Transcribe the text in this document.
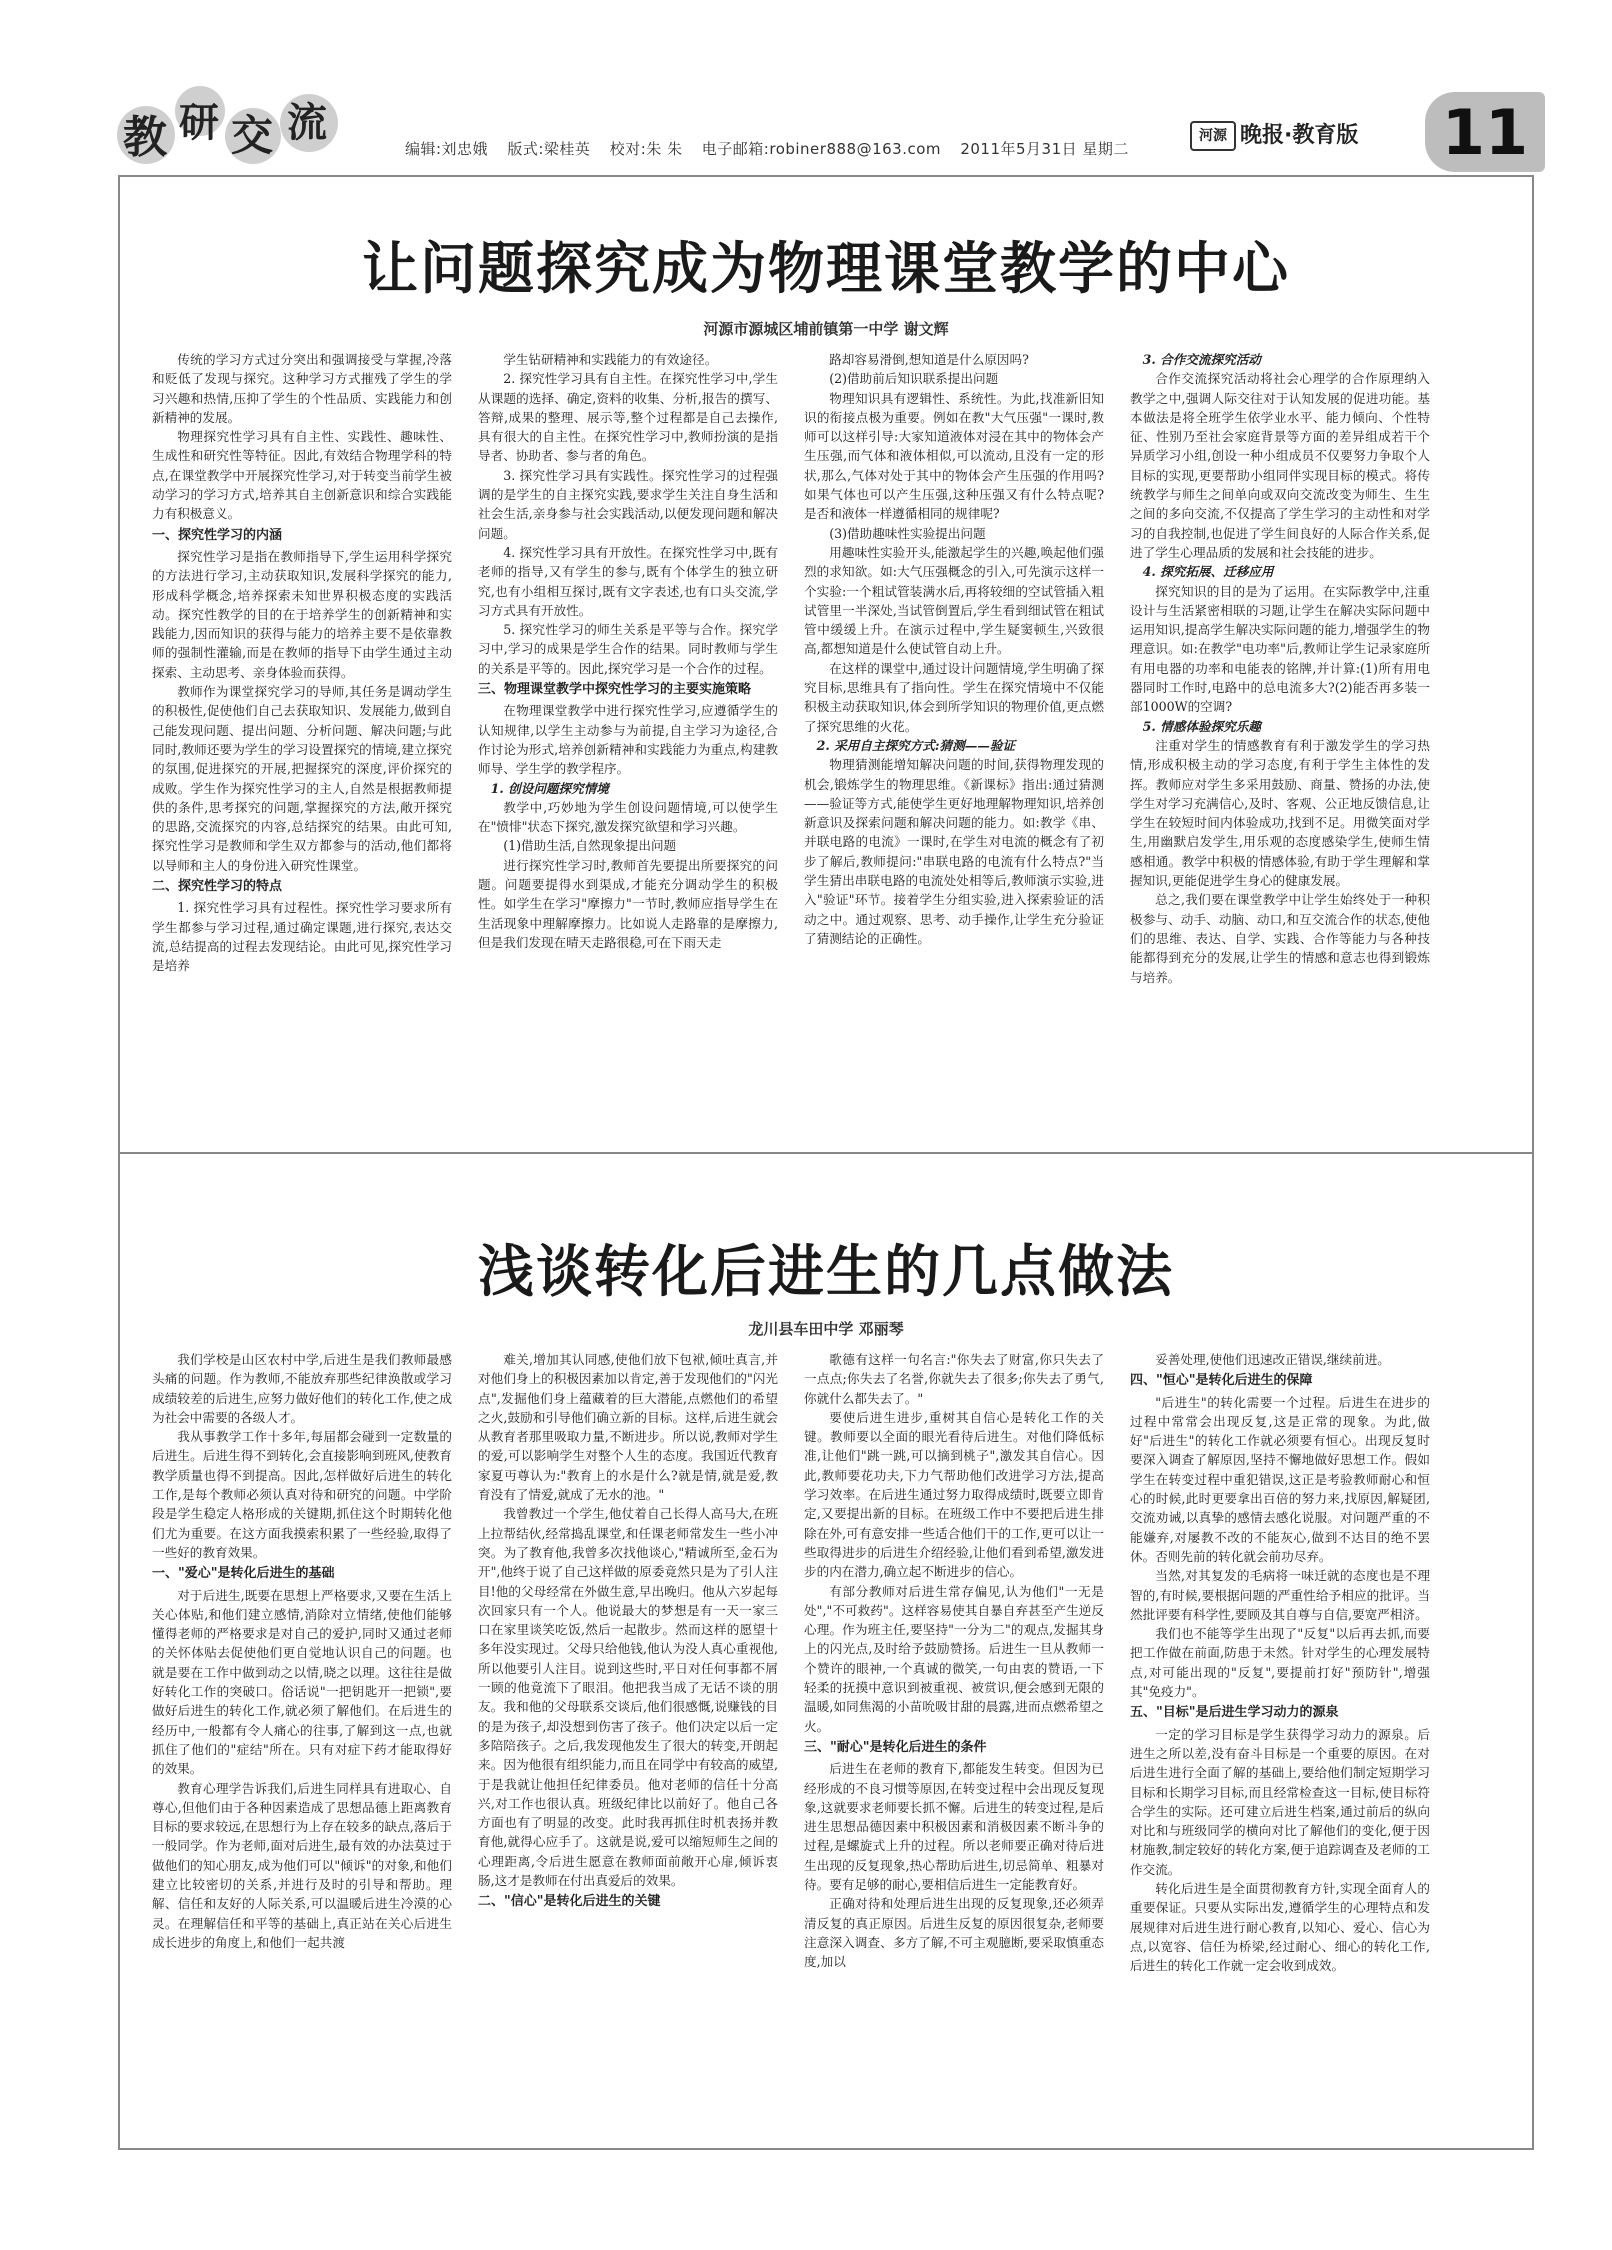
教 研 交 流
编辑:刘忠娥 版式:梁桂英 校对:朱 朱 电子邮箱:robiner888@163.com 2011年5月31日 星期二
河源 晚报·教育版 11
让问题探究成为物理课堂教学的中心
河源市源城区埔前镇第一中学 谢文辉

传统的学习方式过分突出和强调接受与掌握,冷落和贬低了发现与探究。这种学习方式摧残了学生的学习兴趣和热情,压抑了学生的个性品质、实践能力和创新精神的发展。

物理探究性学习具有自主性、实践性、趣味性、生成性和研究性等特征。因此,有效结合物理学科的特点,在课堂教学中开展探究性学习,对于转变当前学生被动学习的学习方式,培养其自主创新意识和综合实践能力有积极意义。

一、探究性学习的内涵

探究性学习是指在教师指导下,学生运用科学探究的方法进行学习,主动获取知识,发展科学探究的能力,形成科学概念,培养探索未知世界积极态度的实践活动。探究性教学的目的在于培养学生的创新精神和实践能力,因而知识的获得与能力的培养主要不是依靠教师的强制性灌输,而是在教师的指导下由学生通过主动探索、主动思考、亲身体验而获得。

教师作为课堂探究学习的导师,其任务是调动学生的积极性,促使他们自己去获取知识、发展能力,做到自己能发现问题、提出问题、分析问题、解决问题;与此同时,教师还要为学生的学习设置探究的情境,建立探究的氛围,促进探究的开展,把握探究的深度,评价探究的成败。学生作为探究性学习的主人,自然是根据教师提供的条件,思考探究的问题,掌握探究的方法,敞开探究的思路,交流探究的内容,总结探究的结果。由此可知,探究性学习是教师和学生双方都参与的活动,他们都将以导师和主人的身份进入研究性课堂。

二、探究性学习的特点

1. 探究性学习具有过程性。探究性学习要求所有学生都参与学习过程,通过确定课题,进行探究,表达交流,总结提高的过程去发现结论。由此可见,探究性学习是培养

学生钻研精神和实践能力的有效途径。

2. 探究性学习具有自主性。在探究性学习中,学生从课题的选择、确定,资料的收集、分析,报告的撰写、答辩,成果的整理、展示等,整个过程都是自己去操作,具有很大的自主性。在探究性学习中,教师扮演的是指导者、协助者、参与者的角色。

3. 探究性学习具有实践性。探究性学习的过程强调的是学生的自主探究实践,要求学生关注自身生活和社会生活,亲身参与社会实践活动,以便发现问题和解决问题。

4. 探究性学习具有开放性。在探究性学习中,既有老师的指导,又有学生的参与,既有个体学生的独立研究,也有小组相互探讨,既有文字表述,也有口头交流,学习方式具有开放性。

5. 探究性学习的师生关系是平等与合作。探究学习中,学习的成果是学生合作的结果。同时教师与学生的关系是平等的。因此,探究学习是一个合作的过程。

三、物理课堂教学中探究性学习的主要实施策略

在物理课堂教学中进行探究性学习,应遵循学生的认知规律,以学生主动参与为前提,自主学习为途径,合作讨论为形式,培养创新精神和实践能力为重点,构建教师导、学生学的教学程序。

1. 创设问题探究情境

教学中,巧妙地为学生创设问题情境,可以使学生在"愤悱"状态下探究,激发探究欲望和学习兴趣。

(1)借助生活,自然现象提出问题

进行探究性学习时,教师首先要提出所要探究的问题。问题要提得水到渠成,才能充分调动学生的积极性。如学生在学习"摩擦力"一节时,教师应指导学生在生活现象中理解摩擦力。比如说人走路靠的是摩擦力,但是我们发现在晴天走路很稳,可在下雨天走

路却容易滑倒,想知道是什么原因吗?

(2)借助前后知识联系提出问题

物理知识具有逻辑性、系统性。为此,找准新旧知识的衔接点极为重要。例如在教"大气压强"一课时,教师可以这样引导:大家知道液体对浸在其中的物体会产生压强,而气体和液体相似,可以流动,且没有一定的形状,那么,气体对处于其中的物体会产生压强的作用吗?如果气体也可以产生压强,这种压强又有什么特点呢?是否和液体一样遵循相同的规律呢?

(3)借助趣味性实验提出问题

用趣味性实验开头,能激起学生的兴趣,唤起他们强烈的求知欲。如:大气压强概念的引入,可先演示这样一个实验:一个粗试管装满水后,再将较细的空试管插入粗试管里一半深处,当试管倒置后,学生看到细试管在粗试管中缓缓上升。在演示过程中,学生疑窦顿生,兴致很高,都想知道是什么使试管自动上升。

在这样的课堂中,通过设计问题情境,学生明确了探究目标,思维具有了指向性。学生在探究情境中不仅能积极主动获取知识,体会到所学知识的物理价值,更点燃了探究思维的火花。

2. 采用自主探究方式:猜测——验证

物理猜测能增知解决问题的时间,获得物理发现的机会,锻炼学生的物理思维。《新课标》指出:通过猜测——验证等方式,能使学生更好地理解物理知识,培养创新意识及探索问题和解决问题的能力。如:教学《串、并联电路的电流》一课时,在学生对电流的概念有了初步了解后,教师提问:"串联电路的电流有什么特点?"当学生猜出串联电路的电流处处相等后,教师演示实验,进入"验证"环节。接着学生分组实验,进入探索验证的活动之中。通过观察、思考、动手操作,让学生充分验证了猜测结论的正确性。

3. 合作交流探究活动

合作交流探究活动将社会心理学的合作原理纳入教学之中,强调人际交往对于认知发展的促进功能。基本做法是将全班学生依学业水平、能力倾向、个性特征、性别乃至社会家庭背景等方面的差异组成若干个异质学习小组,创设一种小组成员不仅要努力争取个人目标的实现,更要帮助小组同伴实现目标的模式。将传统教学与师生之间单向或双向交流改变为师生、生生之间的多向交流,不仅提高了学生学习的主动性和对学习的自我控制,也促进了学生间良好的人际合作关系,促进了学生心理品质的发展和社会技能的进步。

4. 探究拓展、迁移应用

探究知识的目的是为了运用。在实际教学中,注重设计与生活紧密相联的习题,让学生在解决实际问题中运用知识,提高学生解决实际问题的能力,增强学生的物理意识。如:在教学"电功率"后,教师让学生记录家庭所有用电器的功率和电能表的铭牌,并计算:(1)所有用电器同时工作时,电路中的总电流多大?(2)能否再多装一部1000W的空调?

5. 情感体验探究乐趣

注重对学生的情感教育有利于激发学生的学习热情,形成积极主动的学习态度,有利于学生主体性的发挥。教师应对学生多采用鼓励、商量、赞扬的办法,使学生对学习充满信心,及时、客观、公正地反馈信息,让学生在较短时间内体验成功,找到不足。用微笑面对学生,用幽默启发学生,用乐观的态度感染学生,使师生情感相通。教学中积极的情感体验,有助于学生理解和掌握知识,更能促进学生身心的健康发展。

总之,我们要在课堂教学中让学生始终处于一种积极参与、动手、动脑、动口,和互交流合作的状态,使他们的思维、表达、自学、实践、合作等能力与各种技能都得到充分的发展,让学生的情感和意志也得到锻炼与培养。

浅谈转化后进生的几点做法
龙川县车田中学 邓丽琴

我们学校是山区农村中学,后进生是我们教师最感头痛的问题。作为教师,不能放弃那些纪律涣散或学习成绩较差的后进生,应努力做好他们的转化工作,使之成为社会中需要的各级人才。

我从事教学工作十多年,每届都会碰到一定数量的后进生。后进生得不到转化,会直接影响到班风,使教育教学质量也得不到提高。因此,怎样做好后进生的转化工作,是每个教师必须认真对待和研究的问题。中学阶段是学生稳定人格形成的关键期,抓住这个时期转化他们尤为重要。在这方面我摸索积累了一些经验,取得了一些好的教育效果。

一、"爱心"是转化后进生的基础

对于后进生,既要在思想上严格要求,又要在生活上关心体贴,和他们建立感情,消除对立情绪,使他们能够懂得老师的严格要求是对自己的爱护,同时又通过老师的关怀体贴去促使他们更自觉地认识自己的问题。也就是要在工作中做到动之以情,晓之以理。这往往是做好转化工作的突破口。俗话说"一把钥匙开一把锁",要做好后进生的转化工作,就必须了解他们。在后进生的经历中,一般都有令人痛心的往事,了解到这一点,也就抓住了他们的"症结"所在。只有对症下药才能取得好的效果。

教育心理学告诉我们,后进生同样具有进取心、自尊心,但他们由于各种因素造成了思想品德上距离教育目标的要求较远,在思想行为上存在较多的缺点,落后于一般同学。作为老师,面对后进生,最有效的办法莫过于做他们的知心朋友,成为他们可以"倾诉"的对象,和他们建立比较密切的关系,并进行及时的引导和帮助。理解、信任和友好的人际关系,可以温暖后进生冷漠的心灵。在理解信任和平等的基础上,真正站在关心后进生成长进步的角度上,和他们一起共渡

难关,增加其认同感,使他们放下包袱,倾吐真言,并对他们身上的积极因素加以肯定,善于发现他们的"闪光点",发掘他们身上蕴藏着的巨大潜能,点燃他们的希望之火,鼓励和引导他们确立新的目标。这样,后进生就会从教育者那里吸取力量,不断进步。所以说,教师对学生的爱,可以影响学生对整个人生的态度。我国近代教育家夏丏尊认为:"教育上的水是什么?就是情,就是爱,教育没有了情爱,就成了无水的池。"

我曾教过一个学生,他仗着自己长得人高马大,在班上拉帮结伙,经常捣乱课堂,和任课老师常发生一些小冲突。为了教育他,我曾多次找他谈心,"精诚所至,金石为开",他终于说了自己这样做的原委竟然只是为了引人注目!他的父母经常在外做生意,早出晚归。他从六岁起每次回家只有一个人。他说最大的梦想是有一天一家三口在家里谈笑吃饭,然后一起散步。然而这样的愿望十多年没实现过。父母只给他钱,他认为没人真心重视他,所以他要引人注目。说到这些时,平日对任何事都不屑一顾的他竟流下了眼泪。他把我当成了无话不谈的朋友。我和他的父母联系交谈后,他们很感慨,说赚钱的目的是为孩子,却没想到伤害了孩子。他们决定以后一定多陪陪孩子。之后,我发现他发生了很大的转变,开朗起来。因为他很有组织能力,而且在同学中有较高的威望,于是我就让他担任纪律委员。他对老师的信任十分高兴,对工作也很认真。班级纪律比以前好了。他自己各方面也有了明显的改变。此时我再抓住时机表扬并教育他,就得心应手了。这就是说,爱可以缩短师生之间的心理距离,令后进生愿意在教师面前敞开心扉,倾诉衷肠,这才是教师在付出真爱后的效果。

二、"信心"是转化后进生的关键

歌德有这样一句名言:"你失去了财富,你只失去了一点点;你失去了名誉,你就失去了很多;你失去了勇气,你就什么都失去了。"

要使后进生进步,重树其自信心是转化工作的关键。教师要以全面的眼光看待后进生。对他们降低标准,让他们"跳一跳,可以摘到桃子",激发其自信心。因此,教师要花功夫,下力气帮助他们改进学习方法,提高学习效率。在后进生通过努力取得成绩时,既要立即肯定,又要提出新的目标。在班级工作中不要把后进生排除在外,可有意安排一些适合他们干的工作,更可以让一些取得进步的后进生介绍经验,让他们看到希望,激发进步的内在潜力,确立起不断进步的信心。

有部分教师对后进生常存偏见,认为他们"一无是处","不可救药"。这样容易使其自暴自弃甚至产生逆反心理。作为班主任,要坚持"一分为二"的观点,发掘其身上的闪光点,及时给予鼓励赞扬。后进生一旦从教师一个赞许的眼神,一个真诚的微笑,一句由衷的赞语,一下轻柔的抚摸中意识到被重视、被赏识,便会感到无限的温暖,如同焦渴的小苗吮吸甘甜的晨露,进而点燃希望之火。

三、"耐心"是转化后进生的条件

后进生在老师的教育下,都能发生转变。但因为已经形成的不良习惯等原因,在转变过程中会出现反复现象,这就要求老师要长抓不懈。后进生的转变过程,是后进生思想品德因素中积极因素和消极因素不断斗争的过程,是螺旋式上升的过程。所以老师要正确对待后进生出现的反复现象,热心帮助后进生,切忌简单、粗暴对待。要有足够的耐心,要相信后进生一定能教育好。

正确对待和处理后进生出现的反复现象,还必须弄清反复的真正原因。后进生反复的原因很复杂,老师要注意深入调查、多方了解,不可主观臆断,要采取慎重态度,加以

妥善处理,使他们迅速改正错误,继续前进。

四、"恒心"是转化后进生的保障

"后进生"的转化需要一个过程。后进生在进步的过程中常常会出现反复,这是正常的现象。为此,做好"后进生"的转化工作就必须要有恒心。出现反复时要深入调查了解原因,坚持不懈地做好思想工作。假如学生在转变过程中重犯错误,这正是考验教师耐心和恒心的时候,此时更要拿出百倍的努力来,找原因,解疑团,交流劝诫,以真挚的感情去感化说服。对问题严重的不能嫌弃,对屡教不改的不能灰心,做到不达目的绝不罢休。否则先前的转化就会前功尽弃。

当然,对其复发的毛病将一味迁就的态度也是不理智的,有时候,要根据问题的严重性给予相应的批评。当然批评要有科学性,要顾及其自尊与自信,要宽严相济。

我们也不能等学生出现了"反复"以后再去抓,而要把工作做在前面,防患于未然。针对学生的心理发展特点,对可能出现的"反复",要提前打好"预防针",增强其"免疫力"。

五、"目标"是后进生学习动力的源泉

一定的学习目标是学生获得学习动力的源泉。后进生之所以差,没有奋斗目标是一个重要的原因。在对后进生进行全面了解的基础上,要给他们制定短期学习目标和长期学习目标,而且经常检查这一目标,使目标符合学生的实际。还可建立后进生档案,通过前后的纵向对比和与班级同学的横向对比了解他们的变化,便于因材施教,制定较好的转化方案,便于追踪调查及老师的工作交流。

转化后进生是全面贯彻教育方针,实现全面育人的重要保证。只要从实际出发,遵循学生的心理特点和发展规律对后进生进行耐心教育,以知心、爱心、信心为点,以宽容、信任为桥梁,经过耐心、细心的转化工作,后进生的转化工作就一定会收到成效。
